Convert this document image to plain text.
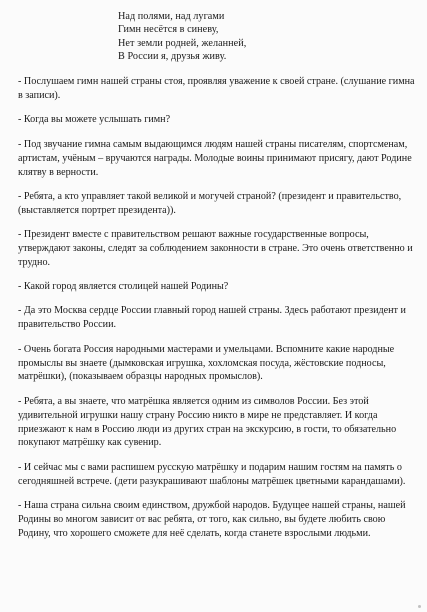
Над полями, над лугами
Гимн несётся в синеву,
Нет земли родней, желанней,
В России я, друзья живу.

- Послушаем гимн нашей страны стоя, проявляя уважение к своей стране. (слушание гимна в записи).

- Когда вы можете услышать гимн?

- Под звучание гимна самым выдающимся людям нашей страны писателям, спортсменам, артистам, учёным – вручаются награды. Молодые воины принимают присягу, дают Родине клятву в верности.

- Ребята, а кто управляет такой великой и могучей страной? (президент и правительство, (выставляется портрет президента)).

- Президент вместе с правительством решают важные государственные вопросы, утверждают законы, следят за соблюдением законности в стране. Это очень ответственно и трудно.

- Какой город является столицей нашей Родины?

- Да это Москва сердце России главный город нашей страны. Здесь работают президент и правительство России.

- Очень богата Россия народными мастерами и умельцами. Вспомните какие народные промыслы вы знаете (дымковская игрушка, хохломская посуда, жёстовские подносы, матрёшки), (показываем образцы народных промыслов).

- Ребята, а вы знаете, что матрёшка является одним из символов России. Без этой удивительной игрушки нашу страну Россию никто в мире не представляет. И когда приезжают к нам в Россию люди из других стран на экскурсию, в гости, то обязательно покупают матрёшку как сувенир.

- И сейчас мы с вами распишем русскую матрёшку и подарим нашим гостям на память о сегодняшней встрече. (дети разукрашивают шаблоны матрёшек цветными карандашами).

- Наша страна сильна своим единством, дружбой народов. Будущее нашей страны, нашей Родины во многом зависит от вас ребята, от того, как сильно, вы будете любить свою Родину, что хорошего сможете для неё сделать, когда станете взрослыми людьми.
